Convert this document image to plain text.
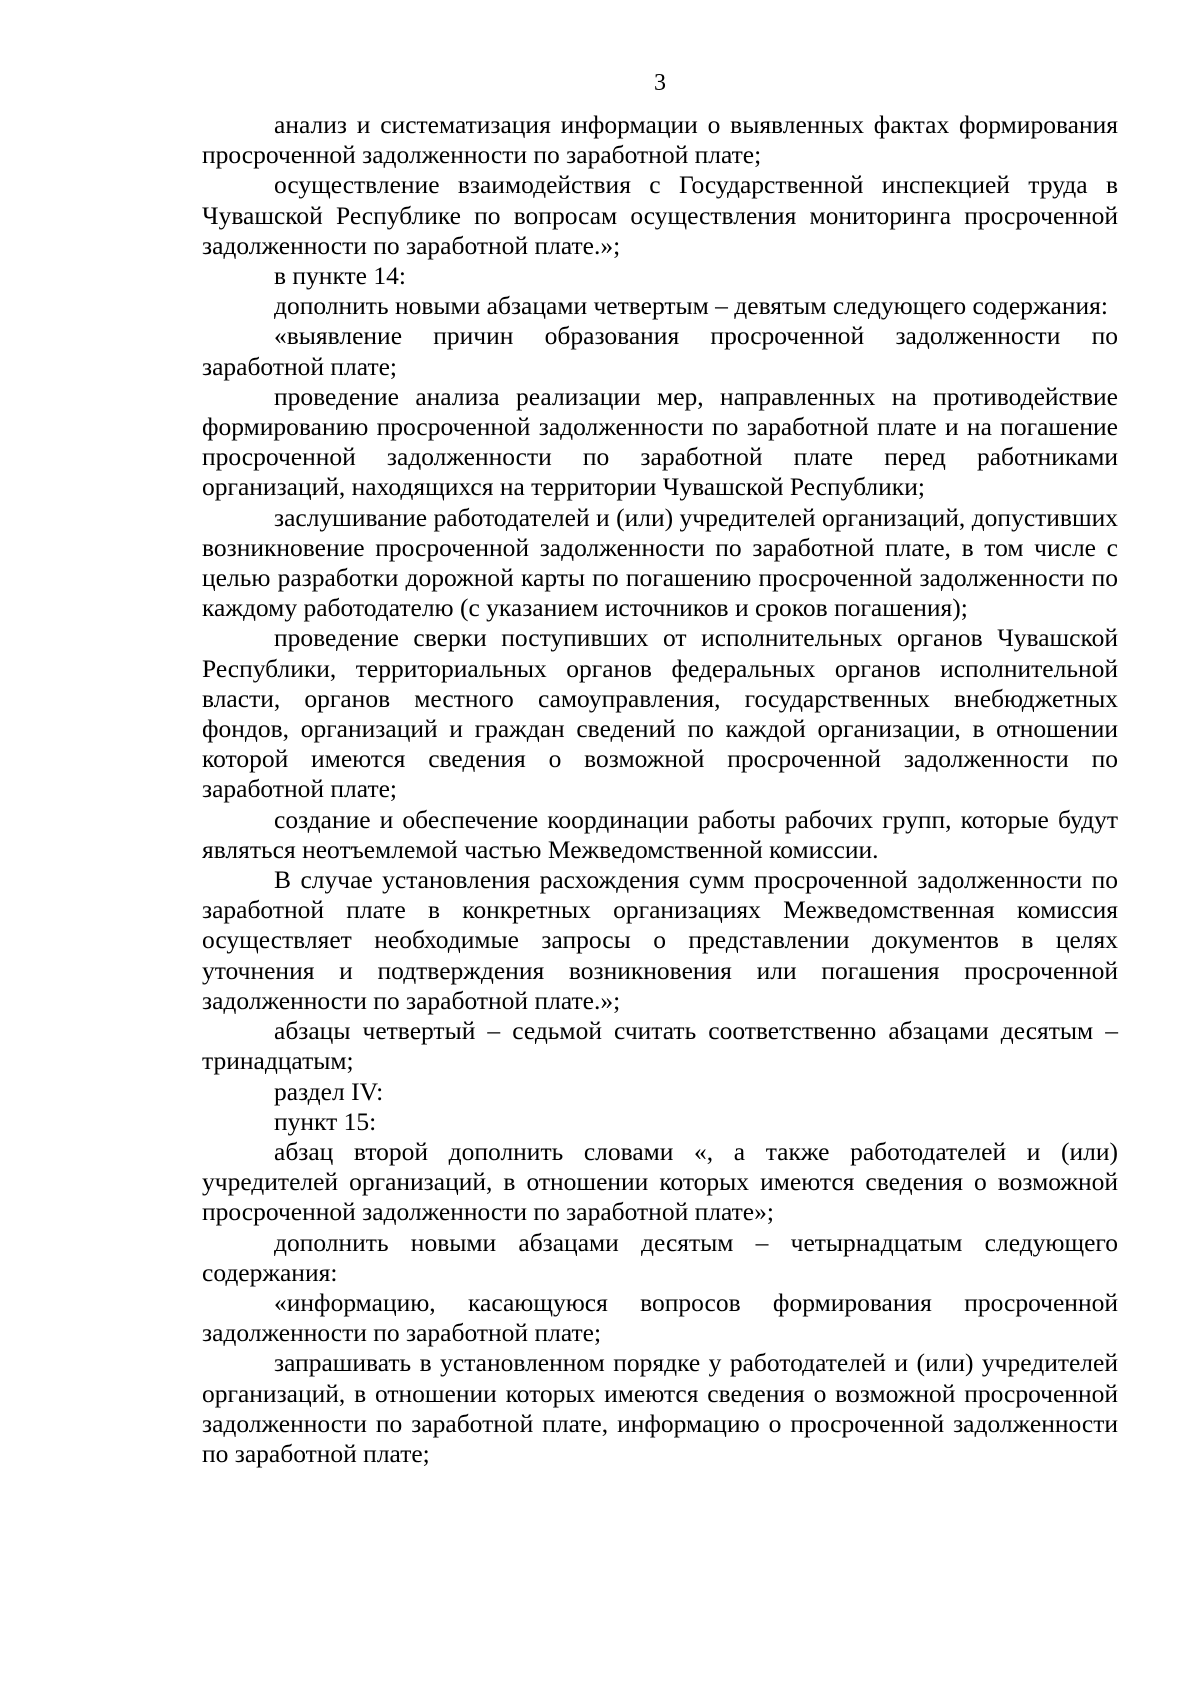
3

анализ и систематизация информации о выявленных фактах формирования просроченной задолженности по заработной плате;

осуществление взаимодействия с Государственной инспекцией труда в Чувашской Республике по вопросам осуществления мониторинга просроченной задолженности по заработной плате.»;

в пункте 14:

дополнить новыми абзацами четвертым – девятым следующего содержания:

«выявление причин образования просроченной задолженности по заработной плате;

проведение анализа реализации мер, направленных на противодействие формированию просроченной задолженности по заработной плате и на погашение просроченной задолженности по заработной плате перед работниками организаций, находящихся на территории Чувашской Республики;

заслушивание работодателей и (или) учредителей организаций, допустивших возникновение просроченной задолженности по заработной плате, в том числе с целью разработки дорожной карты по погашению просроченной задолженности по каждому работодателю (с указанием источников и сроков погашения);

проведение сверки поступивших от исполнительных органов Чувашской Республики, территориальных органов федеральных органов исполнительной власти, органов местного самоуправления, государственных внебюджетных фондов, организаций и граждан сведений по каждой организации, в отношении которой имеются сведения о возможной просроченной задолженности по заработной плате;

создание и обеспечение координации работы рабочих групп, которые будут являться неотъемлемой частью Межведомственной комиссии.

В случае установления расхождения сумм просроченной задолженности по заработной плате в конкретных организациях Межведомственная комиссия осуществляет необходимые запросы о представлении документов в целях уточнения и подтверждения возникновения или погашения просроченной задолженности по заработной плате.»;

абзацы четвертый – седьмой считать соответственно абзацами десятым – тринадцатым;

раздел IV:

пункт 15:

абзац второй дополнить словами «, а также работодателей и (или) учредителей организаций, в отношении которых имеются сведения о возможной просроченной задолженности по заработной плате»;

дополнить новыми абзацами десятым – четырнадцатым следующего содержания:

«информацию, касающуюся вопросов формирования просроченной задолженности по заработной плате;

запрашивать в установленном порядке у работодателей и (или) учредителей организаций, в отношении которых имеются сведения о возможной просроченной задолженности по заработной плате, информацию о просроченной задолженности по заработной плате;
